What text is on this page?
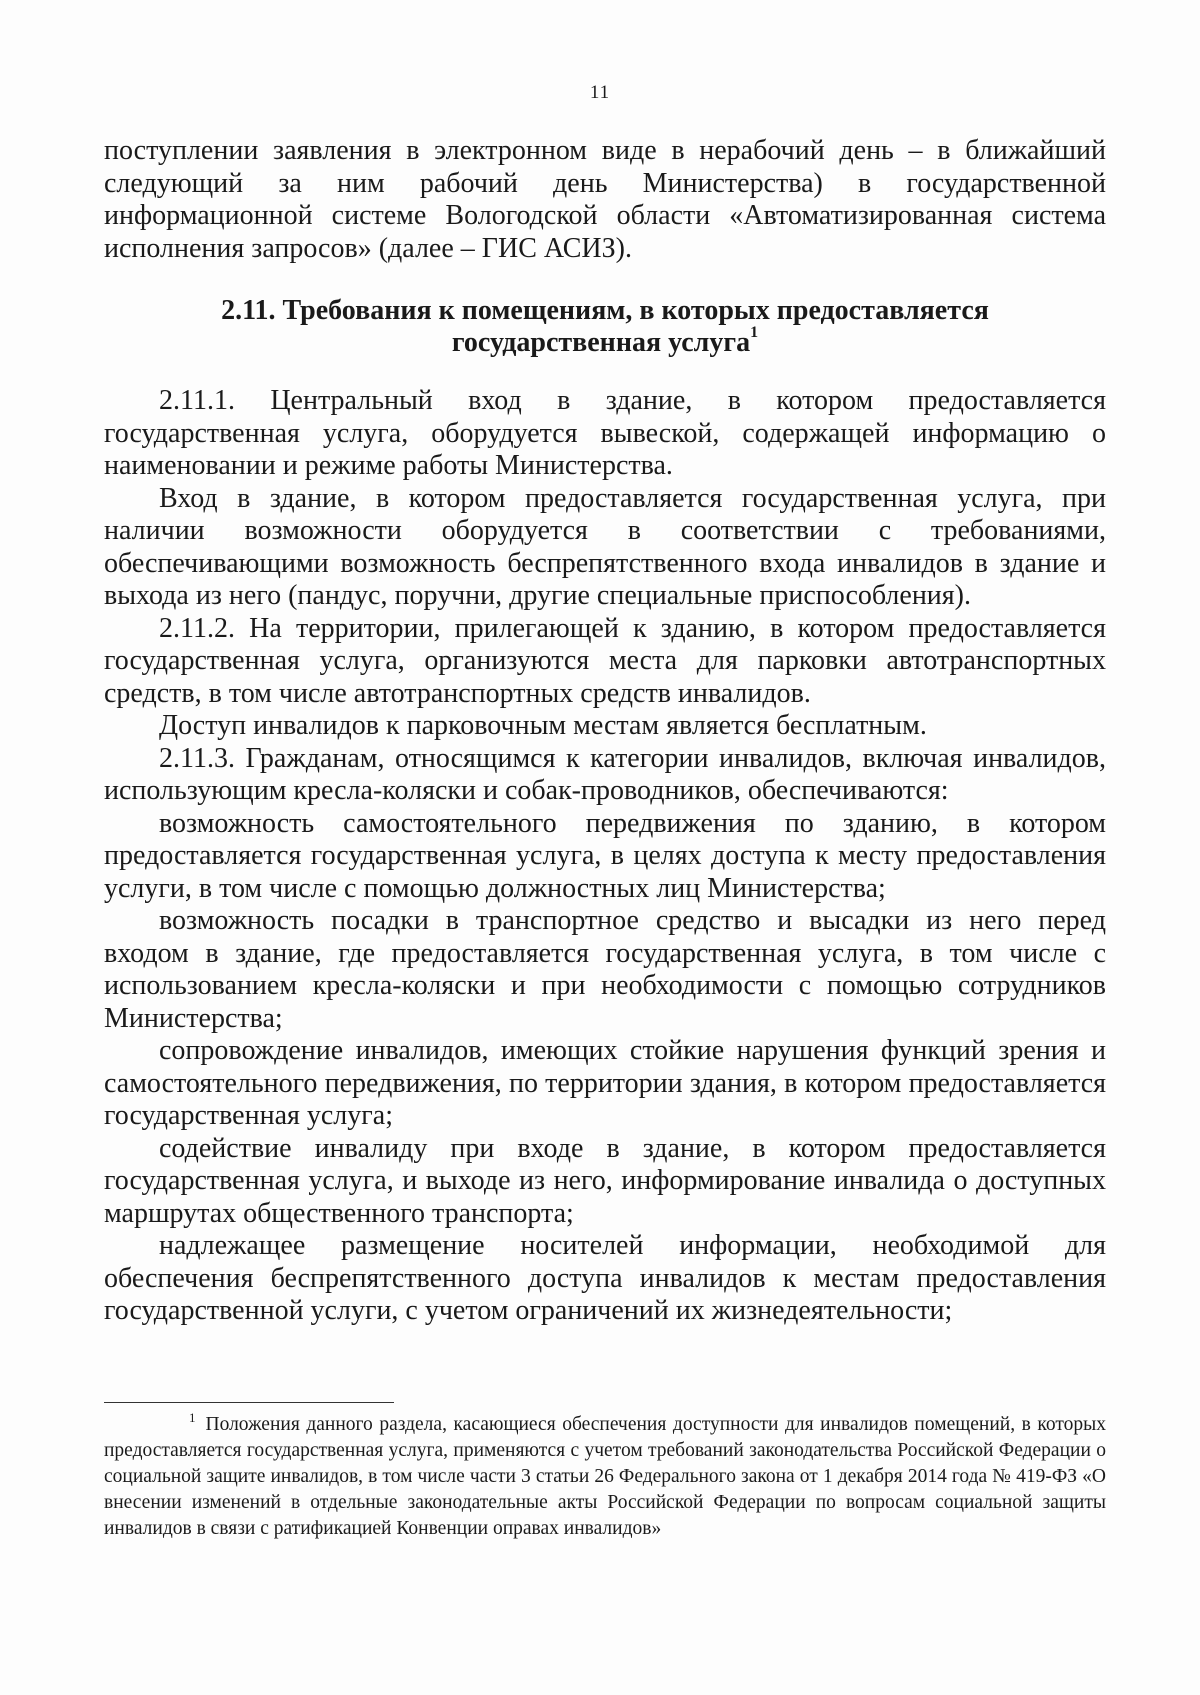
11

поступлении заявления в электронном виде в нерабочий день – в ближайший следующий за ним рабочий день Министерства) в государственной информационной системе Вологодской области «Автоматизированная система исполнения запросов» (далее – ГИС АСИЗ).

2.11. Требования к помещениям, в которых предоставляется
государственная услуга$^1$

2.11.1. Центральный вход в здание, в котором предоставляется государственная услуга, оборудуется вывеской, содержащей информацию о наименовании и режиме работы Министерства.

Вход в здание, в котором предоставляется государственная услуга, при наличии возможности оборудуется в соответствии с требованиями, обеспечивающими возможность беспрепятственного входа инвалидов в здание и выхода из него (пандус, поручни, другие специальные приспособления).

2.11.2. На территории, прилегающей к зданию, в котором предоставляется государственная услуга, организуются места для парковки автотранспортных средств, в том числе автотранспортных средств инвалидов.

Доступ инвалидов к парковочным местам является бесплатным.

2.11.3. Гражданам, относящимся к категории инвалидов, включая инвалидов, использующим кресла-коляски и собак-проводников, обеспечиваются:

возможность самостоятельного передвижения по зданию, в котором предоставляется государственная услуга, в целях доступа к месту предоставления услуги, в том числе с помощью должностных лиц Министерства;

возможность посадки в транспортное средство и высадки из него перед входом в здание, где предоставляется государственная услуга, в том числе с использованием кресла-коляски и при необходимости с помощью сотрудников Министерства;

сопровождение инвалидов, имеющих стойкие нарушения функций зрения и самостоятельного передвижения, по территории здания, в котором предоставляется государственная услуга;

содействие инвалиду при входе в здание, в котором предоставляется государственная услуга, и выходе из него, информирование инвалида о доступных маршрутах общественного транспорта;

надлежащее размещение носителей информации, необходимой для обеспечения беспрепятственного доступа инвалидов к местам предоставления государственной услуги, с учетом ограничений их жизнедеятельности;

$^1$ Положения данного раздела, касающиеся обеспечения доступности для инвалидов помещений, в которых предоставляется государственная услуга, применяются с учетом требований законодательства Российской Федерации о социальной защите инвалидов, в том числе части 3 статьи 26 Федерального закона от 1 декабря 2014 года № 419-ФЗ «О внесении изменений в отдельные законодательные акты Российской Федерации по вопросам социальной защиты инвалидов в связи с ратификацией Конвенции оправах инвалидов»
